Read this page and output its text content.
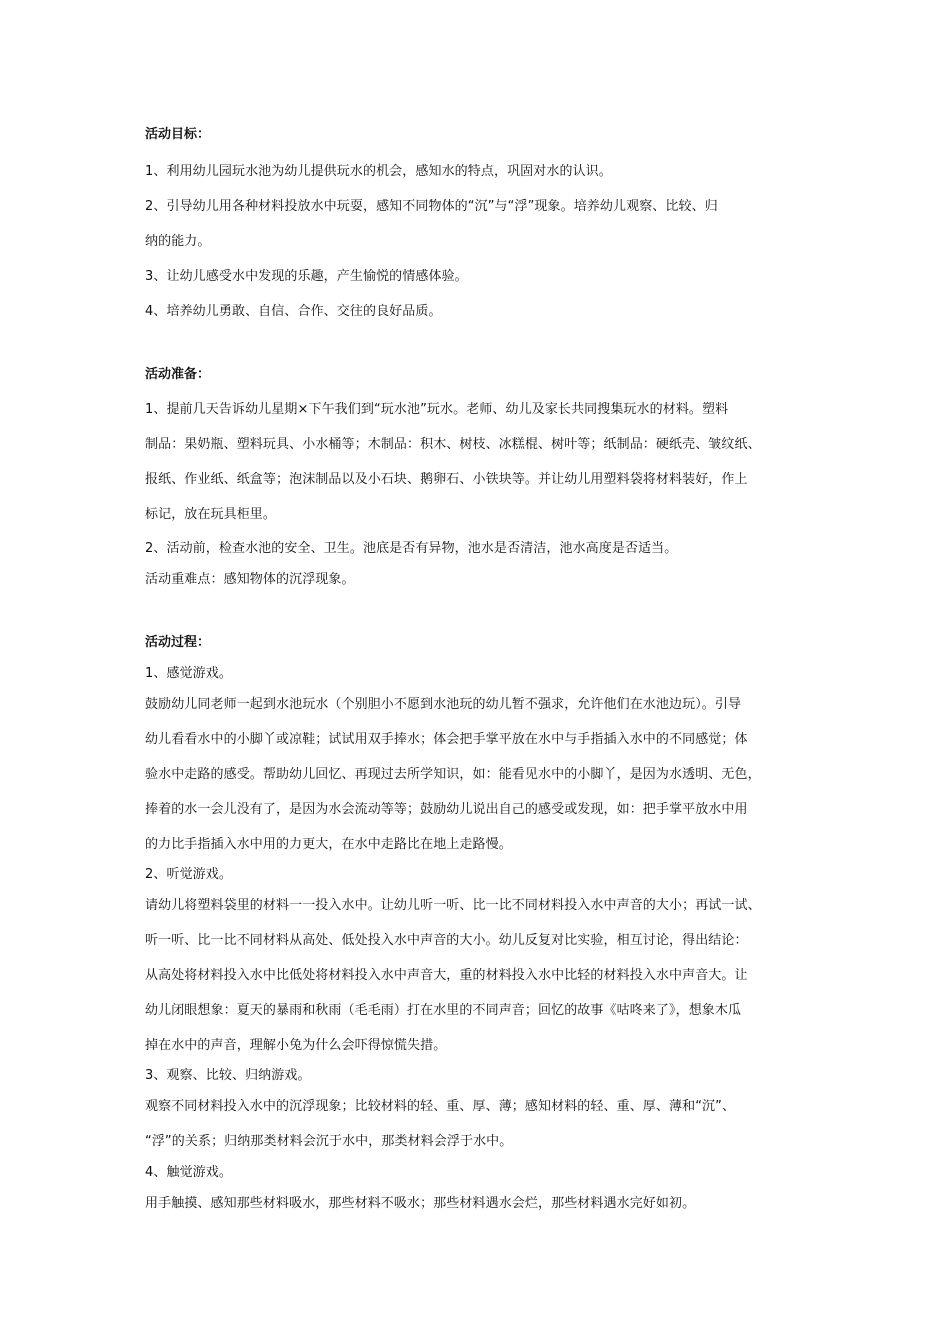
活动目标：
1、利用幼儿园玩水池为幼儿提供玩水的机会，感知水的特点，巩固对水的认识。
2、引导幼儿用各种材料投放水中玩耍，感知不同物体的“沉”与“浮”现象。培养幼儿观察、比较、归
纳的能力。
3、让幼儿感受水中发现的乐趣，产生愉悦的情感体验。
4、培养幼儿勇敢、自信、合作、交往的良好品质。
活动准备：
1、提前几天告诉幼儿星期×下午我们到“玩水池”玩水。老师、幼儿及家长共同搜集玩水的材料。塑料
制品：果奶瓶、塑料玩具、小水桶等；木制品：积木、树枝、冰糕棍、树叶等；纸制品：硬纸壳、皱纹纸、
报纸、作业纸、纸盒等；泡沫制品以及小石块、鹅卵石、小铁块等。并让幼儿用塑料袋将材料装好，作上
标记，放在玩具柜里。
2、活动前，检查水池的安全、卫生。池底是否有异物，池水是否清洁，池水高度是否适当。
活动重难点：感知物体的沉浮现象。
活动过程：
1、感觉游戏。
鼓励幼儿同老师一起到水池玩水（个别胆小不愿到水池玩的幼儿暂不强求，允许他们在水池边玩）。引导
幼儿看看水中的小脚丫或凉鞋；试试用双手捧水；体会把手掌平放在水中与手指插入水中的不同感觉；体
验水中走路的感受。帮助幼儿回忆、再现过去所学知识，如：能看见水中的小脚丫，是因为水透明、无色，
捧着的水一会儿没有了，是因为水会流动等等；鼓励幼儿说出自己的感受或发现，如：把手掌平放水中用
的力比手指插入水中用的力更大，在水中走路比在地上走路慢。
2、听觉游戏。
请幼儿将塑料袋里的材料一一投入水中。让幼儿听一听、比一比不同材料投入水中声音的大小；再试一试、
听一听、比一比不同材料从高处、低处投入水中声音的大小。幼儿反复对比实验，相互讨论，得出结论：
从高处将材料投入水中比低处将材料投入水中声音大，重的材料投入水中比轻的材料投入水中声音大。让
幼儿闭眼想象：夏天的暴雨和秋雨（毛毛雨）打在水里的不同声音；回忆的故事《咕咚来了》，想象木瓜
掉在水中的声音，理解小兔为什么会吓得惊慌失措。
3、观察、比较、归纳游戏。
观察不同材料投入水中的沉浮现象；比较材料的轻、重、厚、薄；感知材料的轻、重、厚、薄和“沉”、
“浮”的关系；归纳那类材料会沉于水中，那类材料会浮于水中。
4、触觉游戏。
用手触摸、感知那些材料吸水，那些材料不吸水；那些材料遇水会烂，那些材料遇水完好如初。
